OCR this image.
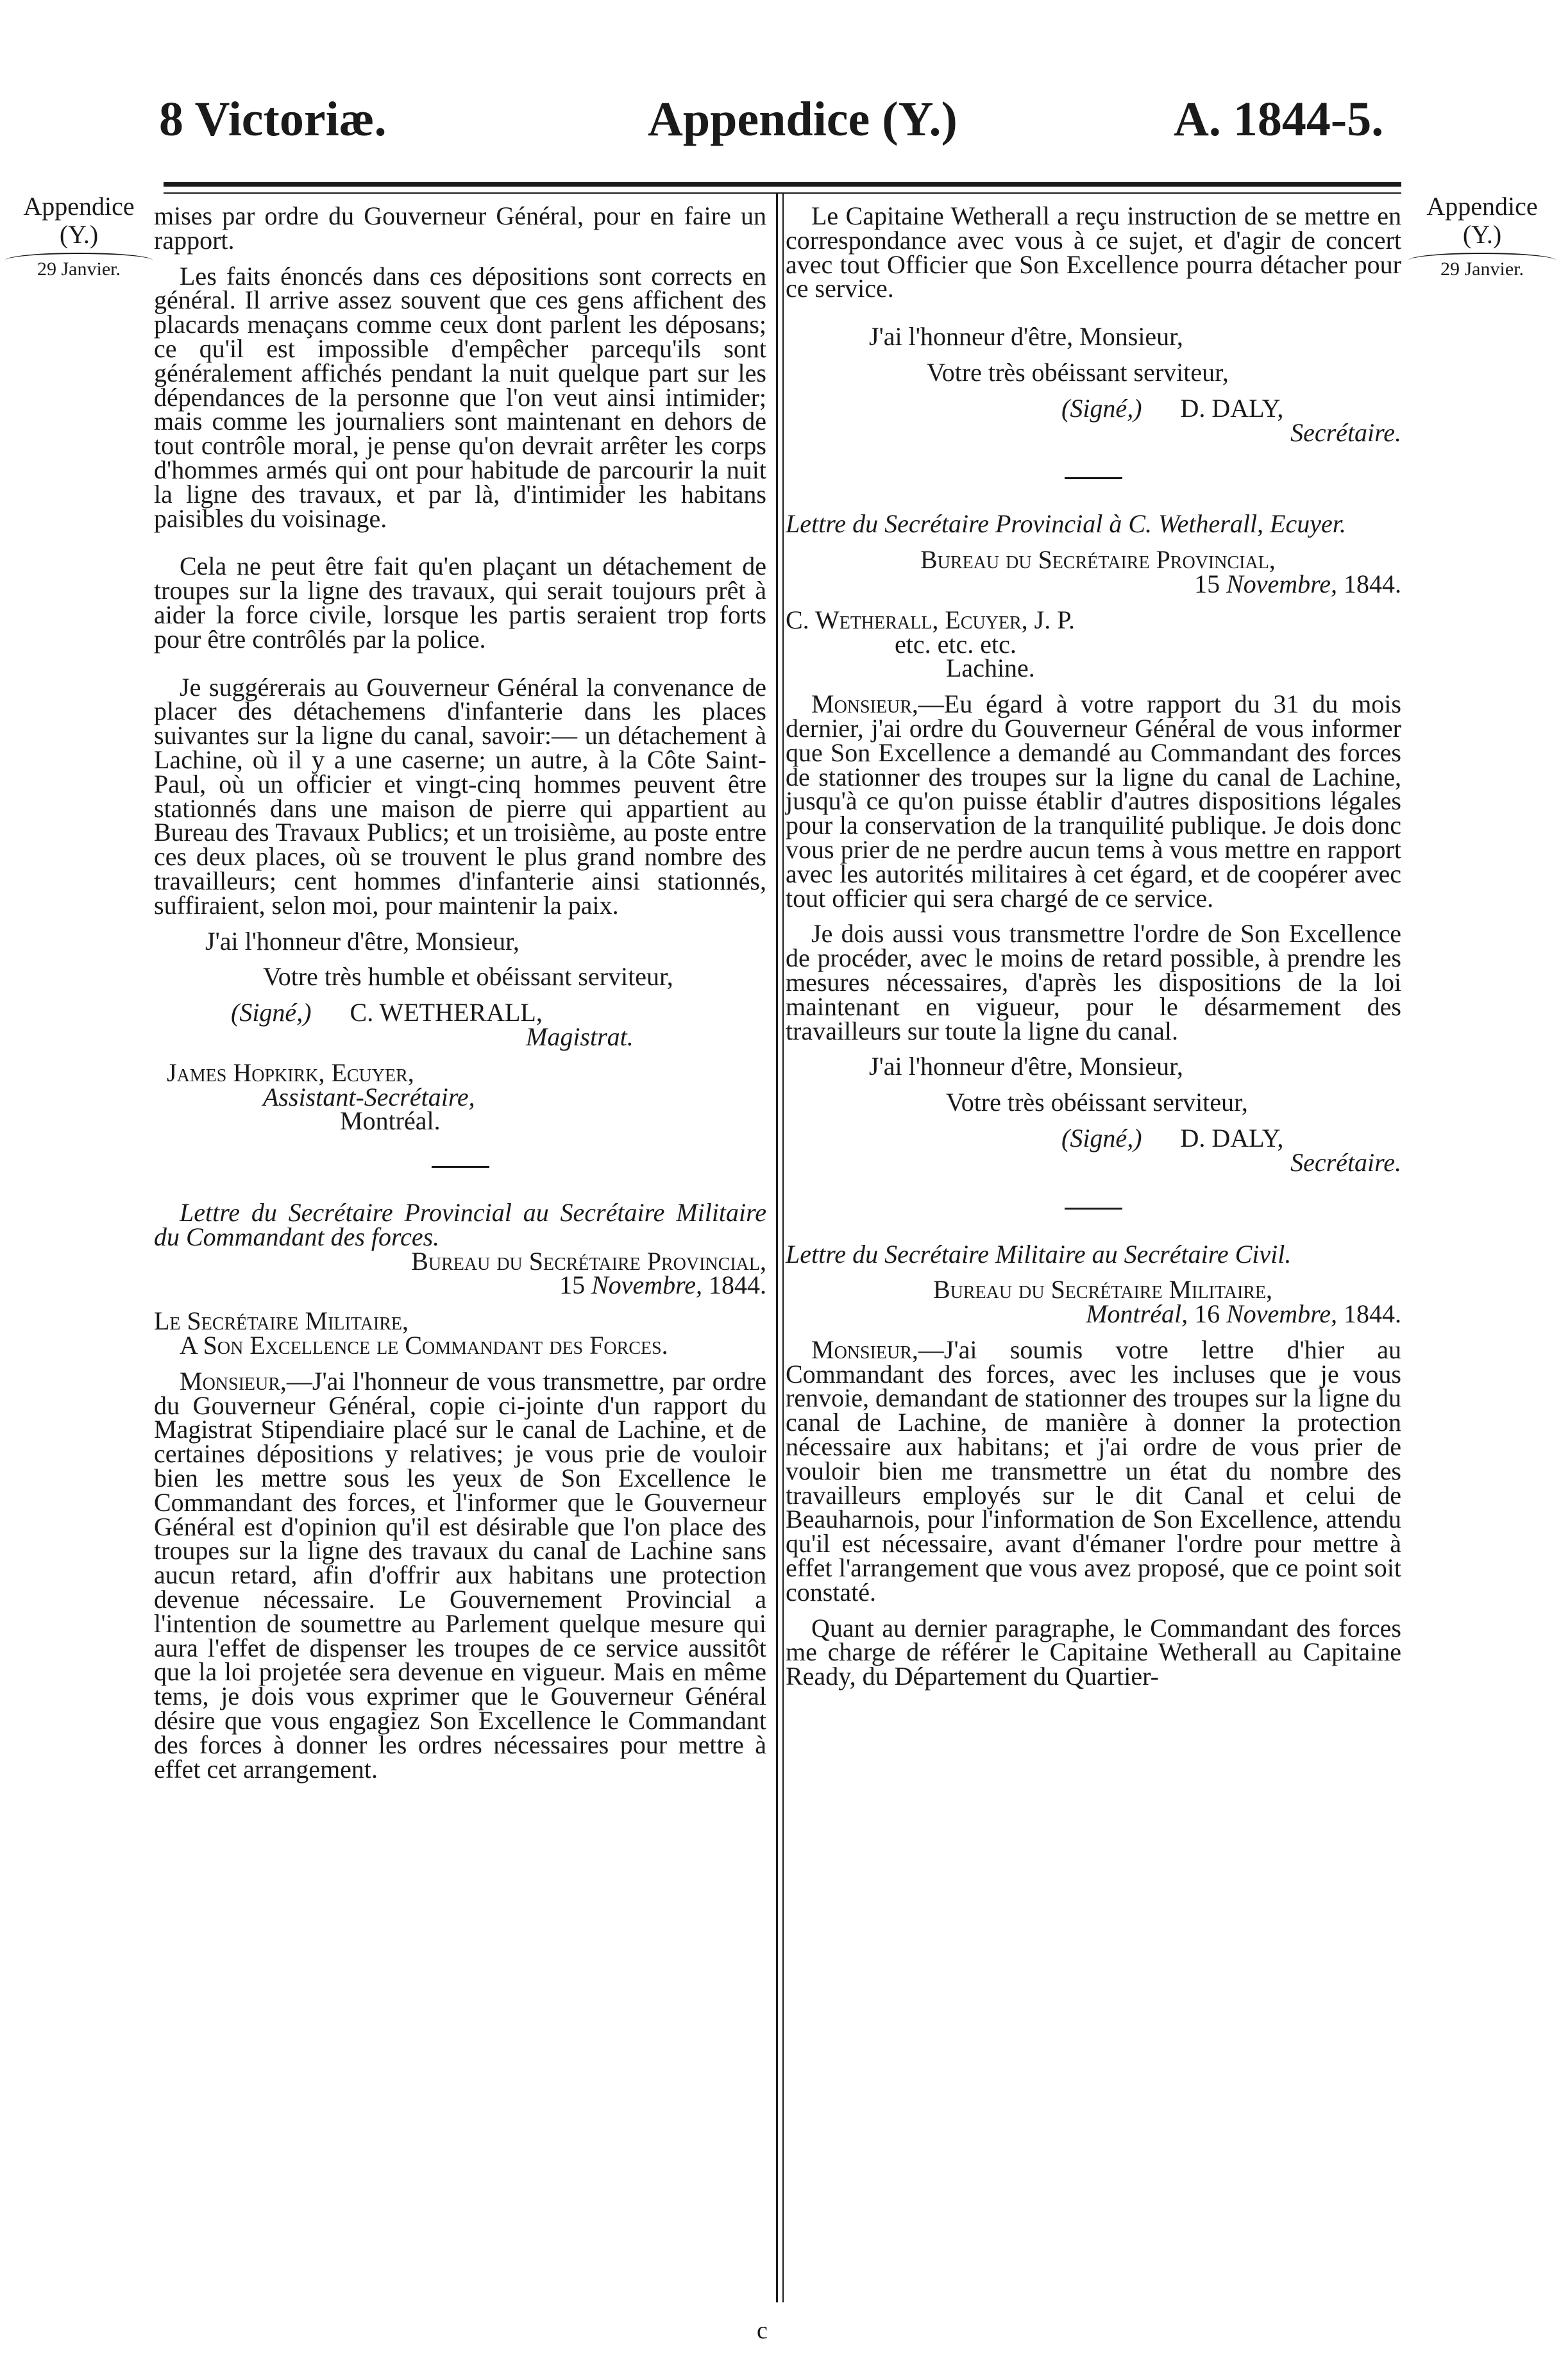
8 Victoriæ.	Appendice (Y.)	A. 1844-5.
Appendice
(Y.)
29 Janvier.
Appendice
(Y.)
29 Janvier.

mises par ordre du Gouverneur Général, pour en faire un rapport.

Les faits énoncés dans ces dépositions sont corrects en général. Il arrive assez souvent que ces gens affichent des placards menaçans comme ceux dont parlent les déposans; ce qu'il est impossible d'empêcher parcequ'ils sont généralement affichés pendant la nuit quelque part sur les dépendances de la personne que l'on veut ainsi intimider; mais comme les journaliers sont maintenant en dehors de tout contrôle moral, je pense qu'on devrait arrêter les corps d'hommes armés qui ont pour habitude de parcourir la nuit la ligne des travaux, et par là, d'intimider les habitans paisibles du voisinage.

Cela ne peut être fait qu'en plaçant un détachement de troupes sur la ligne des travaux, qui serait toujours prêt à aider la force civile, lorsque les partis seraient trop forts pour être contrôlés par la police.

Je suggérerais au Gouverneur Général la convenance de placer des détachemens d'infanterie dans les places suivantes sur la ligne du canal, savoir:— un détachement à Lachine, où il y a une caserne; un autre, à la Côte Saint-Paul, où un officier et vingt-cinq hommes peuvent être stationnés dans une maison de pierre qui appartient au Bureau des Travaux Publics; et un troisième, au poste entre ces deux places, où se trouvent le plus grand nombre des travailleurs; cent hommes d'infanterie ainsi stationnés, suffiraient, selon moi, pour maintenir la paix.

J'ai l'honneur d'être, Monsieur,

Votre très humble et obéissant serviteur,

(Signé,) C. WETHERALL,

Magistrat.

James Hopkirk, Ecuyer,

Assistant-Secrétaire,

Montréal.

Lettre du Secrétaire Provincial au Secrétaire Militaire du Commandant des forces.

Bureau du Secrétaire Provincial,

15 Novembre, 1844.

Le Secrétaire Militaire,

A Son Excellence le Commandant des Forces.

Monsieur,—J'ai l'honneur de vous transmettre, par ordre du Gouverneur Général, copie ci-jointe d'un rapport du Magistrat Stipendiaire placé sur le canal de Lachine, et de certaines dépositions y relatives; je vous prie de vouloir bien les mettre sous les yeux de Son Excellence le Commandant des forces, et l'informer que le Gouverneur Général est d'opinion qu'il est désirable que l'on place des troupes sur la ligne des travaux du canal de Lachine sans aucun retard, afin d'offrir aux habitans une protection devenue nécessaire. Le Gouvernement Provincial a l'intention de soumettre au Parlement quelque mesure qui aura l'effet de dispenser les troupes de ce service aussitôt que la loi projetée sera devenue en vigueur. Mais en même tems, je dois vous exprimer que le Gouverneur Général désire que vous engagiez Son Excellence le Commandant des forces à donner les ordres nécessaires pour mettre à effet cet arrangement.

Le Capitaine Wetherall a reçu instruction de se mettre en correspondance avec vous à ce sujet, et d'agir de concert avec tout Officier que Son Excellence pourra détacher pour ce service.

J'ai l'honneur d'être, Monsieur,

Votre très obéissant serviteur,

(Signé,) D. DALY,

Secrétaire.

Lettre du Secrétaire Provincial à C. Wetherall, Ecuyer.

Bureau du Secrétaire Provincial,

15 Novembre, 1844.

C. Wetherall, Ecuyer, J. P.

etc. etc. etc.

Lachine.

Monsieur,—Eu égard à votre rapport du 31 du mois dernier, j'ai ordre du Gouverneur Général de vous informer que Son Excellence a demandé au Commandant des forces de stationner des troupes sur la ligne du canal de Lachine, jusqu'à ce qu'on puisse établir d'autres dispositions légales pour la conservation de la tranquilité publique. Je dois donc vous prier de ne perdre aucun tems à vous mettre en rapport avec les autorités militaires à cet égard, et de coopérer avec tout officier qui sera chargé de ce service.

Je dois aussi vous transmettre l'ordre de Son Excellence de procéder, avec le moins de retard possible, à prendre les mesures nécessaires, d'après les dispositions de la loi maintenant en vigueur, pour le désarmement des travailleurs sur toute la ligne du canal.

J'ai l'honneur d'être, Monsieur,

Votre très obéissant serviteur,

(Signé,) D. DALY,

Secrétaire.

Lettre du Secrétaire Militaire au Secrétaire Civil.

Bureau du Secrétaire Militaire,

Montréal, 16 Novembre, 1844.

Monsieur,—J'ai soumis votre lettre d'hier au Commandant des forces, avec les incluses que je vous renvoie, demandant de stationner des troupes sur la ligne du canal de Lachine, de manière à donner la protection nécessaire aux habitans; et j'ai ordre de vous prier de vouloir bien me transmettre un état du nombre des travailleurs employés sur le dit Canal et celui de Beauharnois, pour l'information de Son Excellence, attendu qu'il est nécessaire, avant d'émaner l'ordre pour mettre à effet l'arrangement que vous avez proposé, que ce point soit constaté.

Quant au dernier paragraphe, le Commandant des forces me charge de référer le Capitaine Wetherall au Capitaine Ready, du Département du Quartier-

c
